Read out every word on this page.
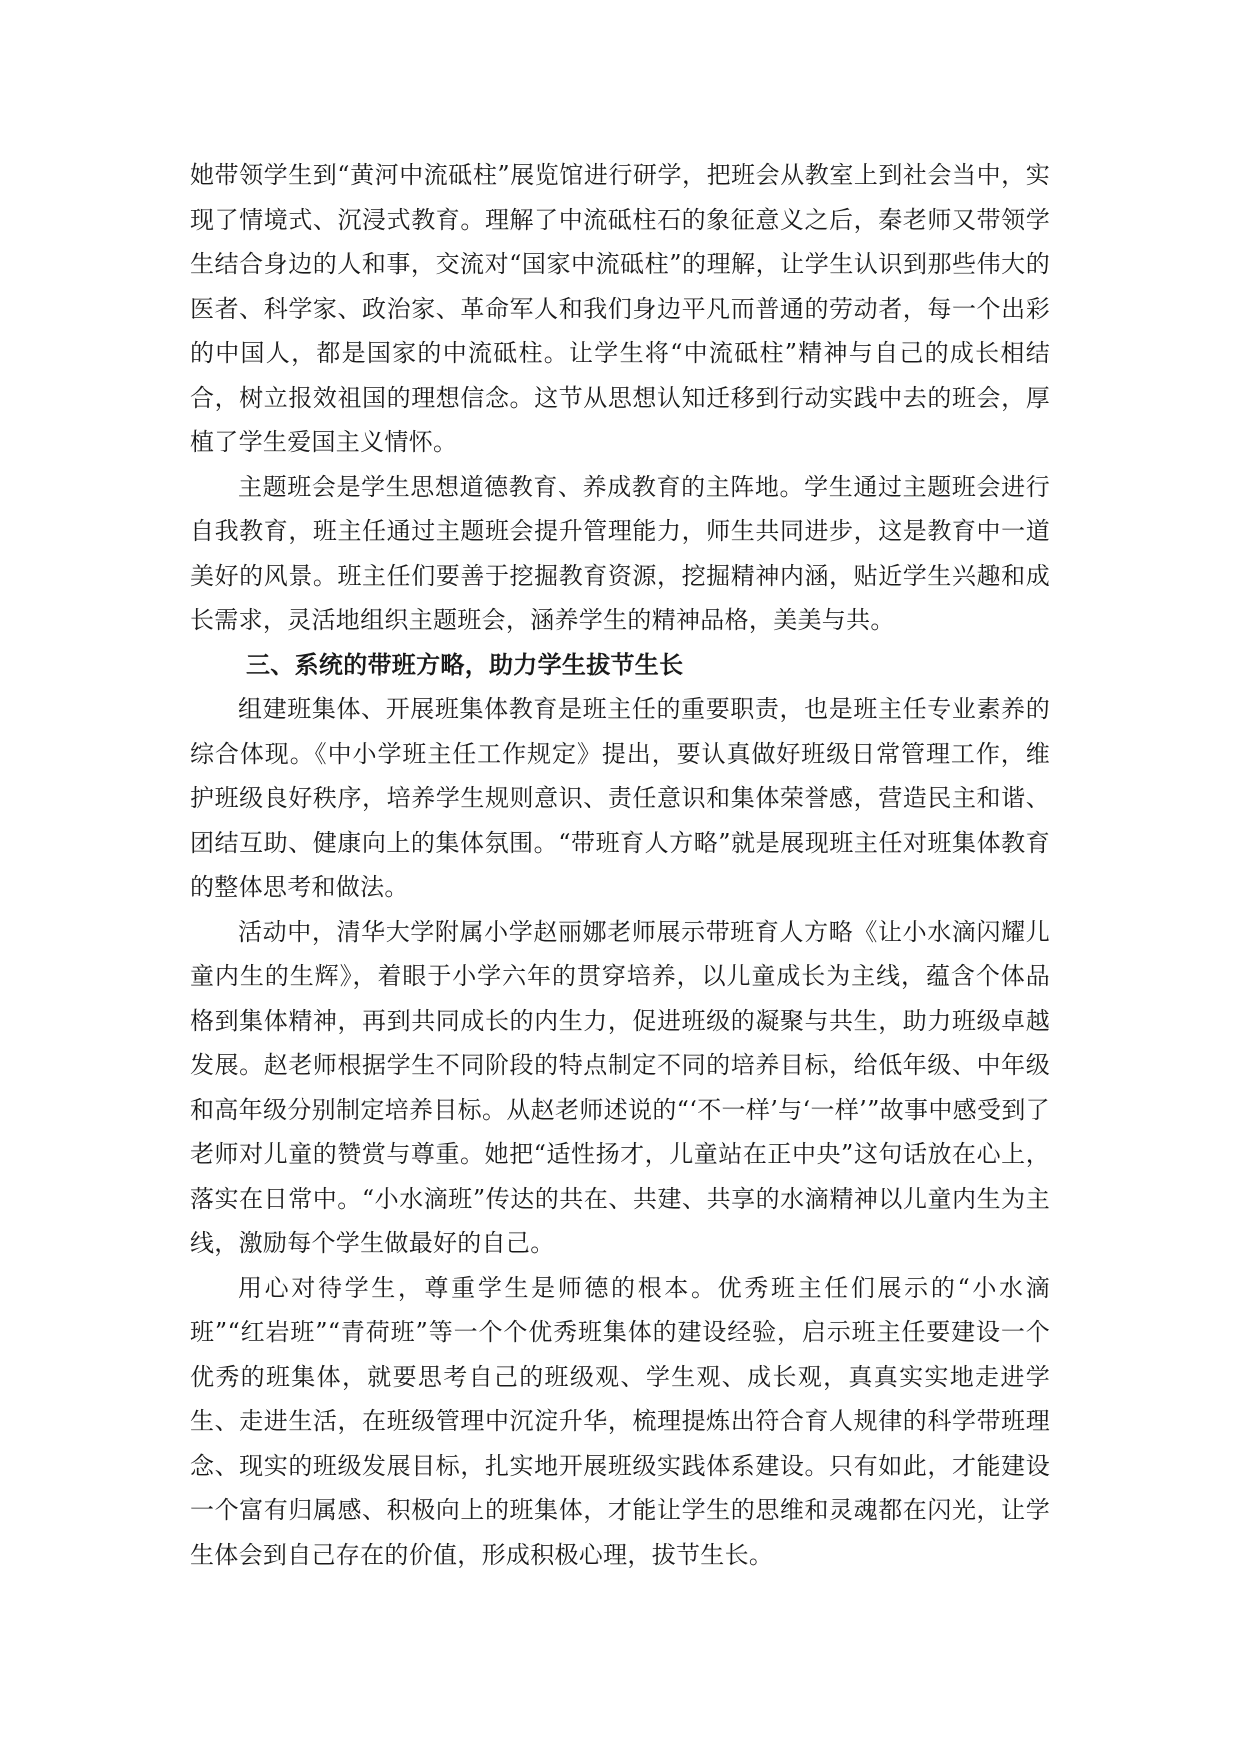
她带领学生到“黄河中流砥柱”展览馆进行研学，把班会从教室上到社会当中，实现了情境式、沉浸式教育。理解了中流砥柱石的象征意义之后，秦老师又带领学生结合身边的人和事，交流对“国家中流砥柱”的理解，让学生认识到那些伟大的医者、科学家、政治家、革命军人和我们身边平凡而普通的劳动者，每一个出彩的中国人，都是国家的中流砥柱。让学生将“中流砥柱”精神与自己的成长相结合，树立报效祖国的理想信念。这节从思想认知迁移到行动实践中去的班会，厚植了学生爱国主义情怀。

主题班会是学生思想道德教育、养成教育的主阵地。学生通过主题班会进行自我教育，班主任通过主题班会提升管理能力，师生共同进步，这是教育中一道美好的风景。班主任们要善于挖掘教育资源，挖掘精神内涵，贴近学生兴趣和成长需求，灵活地组织主题班会，涵养学生的精神品格，美美与共。

三、系统的带班方略，助力学生拔节生长

组建班集体、开展班集体教育是班主任的重要职责，也是班主任专业素养的综合体现。《中小学班主任工作规定》提出，要认真做好班级日常管理工作，维护班级良好秩序，培养学生规则意识、责任意识和集体荣誉感，营造民主和谐、团结互助、健康向上的集体氛围。“带班育人方略”就是展现班主任对班集体教育的整体思考和做法。

活动中，清华大学附属小学赵丽娜老师展示带班育人方略《让小水滴闪耀儿童内生的生辉》，着眼于小学六年的贯穿培养，以儿童成长为主线，蕴含个体品格到集体精神，再到共同成长的内生力，促进班级的凝聚与共生，助力班级卓越发展。赵老师根据学生不同阶段的特点制定不同的培养目标，给低年级、中年级和高年级分别制定培养目标。从赵老师述说的“‘不一样’与‘一样’”故事中感受到了老师对儿童的赞赏与尊重。她把“适性扬才，儿童站在正中央”这句话放在心上，落实在日常中。“小水滴班”传达的共在、共建、共享的水滴精神以儿童内生为主线，激励每个学生做最好的自己。

用心对待学生，尊重学生是师德的根本。优秀班主任们展示的“小水滴班”“红岩班”“青荷班”等一个个优秀班集体的建设经验，启示班主任要建设一个优秀的班集体，就要思考自己的班级观、学生观、成长观，真真实实地走进学生、走进生活，在班级管理中沉淀升华，梳理提炼出符合育人规律的科学带班理念、现实的班级发展目标，扎实地开展班级实践体系建设。只有如此，才能建设一个富有归属感、积极向上的班集体，才能让学生的思维和灵魂都在闪光，让学生体会到自己存在的价值，形成积极心理，拔节生长。
